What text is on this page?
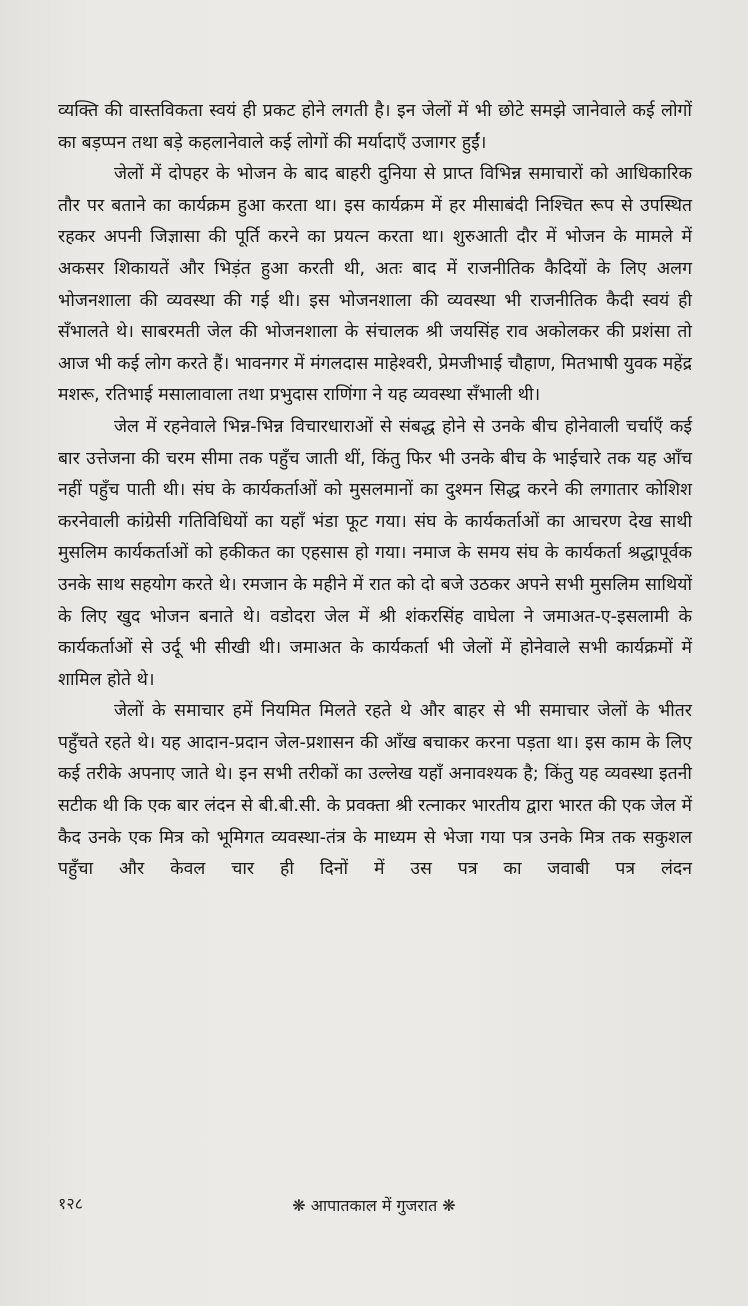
व्यक्ति की वास्तविकता स्वयं ही प्रकट होने लगती है। इन जेलों में भी छोटे समझे जानेवाले कई लोगों का बड़प्पन तथा बड़े कहलानेवाले कई लोगों की मर्यादाएँ उजागर हुईं।

जेलों में दोपहर के भोजन के बाद बाहरी दुनिया से प्राप्त विभिन्न समाचारों को आधिकारिक तौर पर बताने का कार्यक्रम हुआ करता था। इस कार्यक्रम में हर मीसाबंदी निश्चित रूप से उपस्थित रहकर अपनी जिज्ञासा की पूर्ति करने का प्रयत्न करता था। शुरुआती दौर में भोजन के मामले में अकसर शिकायतें और भिड़ंत हुआ करती थी, अतः बाद में राजनीतिक कैदियों के लिए अलग भोजनशाला की व्यवस्था की गई थी। इस भोजनशाला की व्यवस्था भी राजनीतिक कैदी स्वयं ही सँभालते थे। साबरमती जेल की भोजनशाला के संचालक श्री जयसिंह राव अकोलकर की प्रशंसा तो आज भी कई लोग करते हैं। भावनगर में मंगलदास माहेश्वरी, प्रेमजीभाई चौहाण, मितभाषी युवक महेंद्र मशरू, रतिभाई मसालावाला तथा प्रभुदास राणिंगा ने यह व्यवस्था सँभाली थी।

जेल में रहनेवाले भिन्न-भिन्न विचारधाराओं से संबद्ध होने से उनके बीच होनेवाली चर्चाएँ कई बार उत्तेजना की चरम सीमा तक पहुँच जाती थीं, किंतु फिर भी उनके बीच के भाईचारे तक यह आँच नहीं पहुँच पाती थी। संघ के कार्यकर्ताओं को मुसलमानों का दुश्मन सिद्ध करने की लगातार कोशिश करनेवाली कांग्रेसी गतिविधियों का यहाँ भंडा फूट गया। संघ के कार्यकर्ताओं का आचरण देख साथी मुसलिम कार्यकर्ताओं को हकीकत का एहसास हो गया। नमाज के समय संघ के कार्यकर्ता श्रद्धापूर्वक उनके साथ सहयोग करते थे। रमजान के महीने में रात को दो बजे उठकर अपने सभी मुसलिम साथियों के लिए खुद भोजन बनाते थे। वडोदरा जेल में श्री शंकरसिंह वाघेला ने जमाअत-ए-इसलामी के कार्यकर्ताओं से उर्दू भी सीखी थी। जमाअत के कार्यकर्ता भी जेलों में होनेवाले सभी कार्यक्रमों में शामिल होते थे।

जेलों के समाचार हमें नियमित मिलते रहते थे और बाहर से भी समाचार जेलों के भीतर पहुँचते रहते थे। यह आदान-प्रदान जेल-प्रशासन की आँख बचाकर करना पड़ता था। इस काम के लिए कई तरीके अपनाए जाते थे। इन सभी तरीकों का उल्लेख यहाँ अनावश्यक है; किंतु यह व्यवस्था इतनी सटीक थी कि एक बार लंदन से बी.बी.सी. के प्रवक्ता श्री रत्नाकर भारतीय द्वारा भारत की एक जेल में कैद उनके एक मित्र को भूमिगत व्यवस्था-तंत्र के माध्यम से भेजा गया पत्र उनके मित्र तक सकुशल पहुँचा और केवल चार ही दिनों में उस पत्र का जवाबी पत्र लंदन

१२८	❋ आपातकाल में गुजरात ❋
